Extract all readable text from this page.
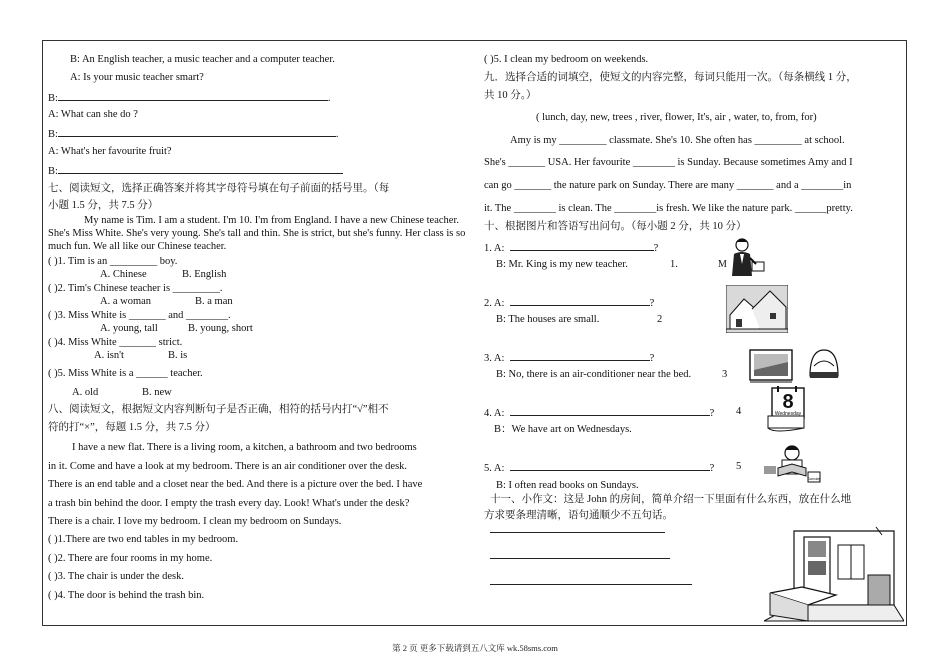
B: An English teacher, a music teacher and a computer teacher.
A: Is your music teacher smart?
B:	.
A: What can she do ?
B:	.
A: What's her favourite fruit?
B:
七、阅读短文，选择正确答案并将其字母符号填在句子前面的括号里。（每
小题 1.5 分，共 7.5 分）
My name is Tim. I am a student. I'm 10. I'm from England. I have a new Chinese teacher. She's Miss White. She's very young. She's tall and thin. She is strict, but she's funny. Her class is so much fun. We all like our Chinese teacher.
( )1. Tim is an _________ boy.
A. Chinese	B. English
( )2. Tim's Chinese teacher is _________.
A. a woman	B. a man
( )3. Miss White is _______ and ________.
A. young, tall	B. young, short
( )4. Miss White _______ strict.
A. isn't	B. is
( )5. Miss White is a ______ teacher.
A. old	B. new
八、阅读短文，根据短文内容判断句子是否正确，相符的括号内打“√”相不
符的打“×”，每题 1.5 分，共 7.5 分）
I have a new flat. There is a living room, a kitchen, a bathroom and two bedrooms
in it. Come and have a look at my bedroom. There is an air conditioner over the desk.
There is an end table and a closet near the bed. And there is a picture over the bed. I have
a trash bin behind the door. I empty the trash every day. Look! What's under the desk?
There is a chair. I love my bedroom. I clean my bedroom on Sundays.
( )1.There are two end tables in my bedroom.
( )2. There are four rooms in my home.
( )3. The chair is under the desk.
( )4. The door is behind the trash bin.
( )5. I clean my bedroom on weekends.
九．选择合适的词填空，使短文的内容完整，每词只能用一次。（每条横线 1 分，
共 10 分。）
( lunch, day, new, trees , river, flower, It's, air , water, to, from, for)
Amy is my _________ classmate. She's 10. She often has _________ at school.
She's _______ USA. Her favourite ________ is Sunday. Because sometimes Amy and I
can go _______ the nature park on Sunday. There are many _______ and a ________in
it. The ________ is clean. The ________is fresh. We like the nature park. ______pretty.
十、根据图片和答语写出问句。（每小题 2 分，共 10 分）
1. A:	?
B: Mr. King is my new teacher.	1.
2. A:	?
B: The houses are small.	2
3. A:	?
B: No, there is an air-conditioner near the bed.	3
4. A:	? 4
B：We have art on Wednesdays.
5. A:	? 5
B: I often read books on Sundays.
十一、小作文：这是 John 的房间，简单介绍一下里面有什么东西，放在什么地
方求要条理清晰，语句通顺少不五句话。
M
8
Wednesday
Sunday
第 2 页 更多下载请到五八文库 wk.58sms.com
